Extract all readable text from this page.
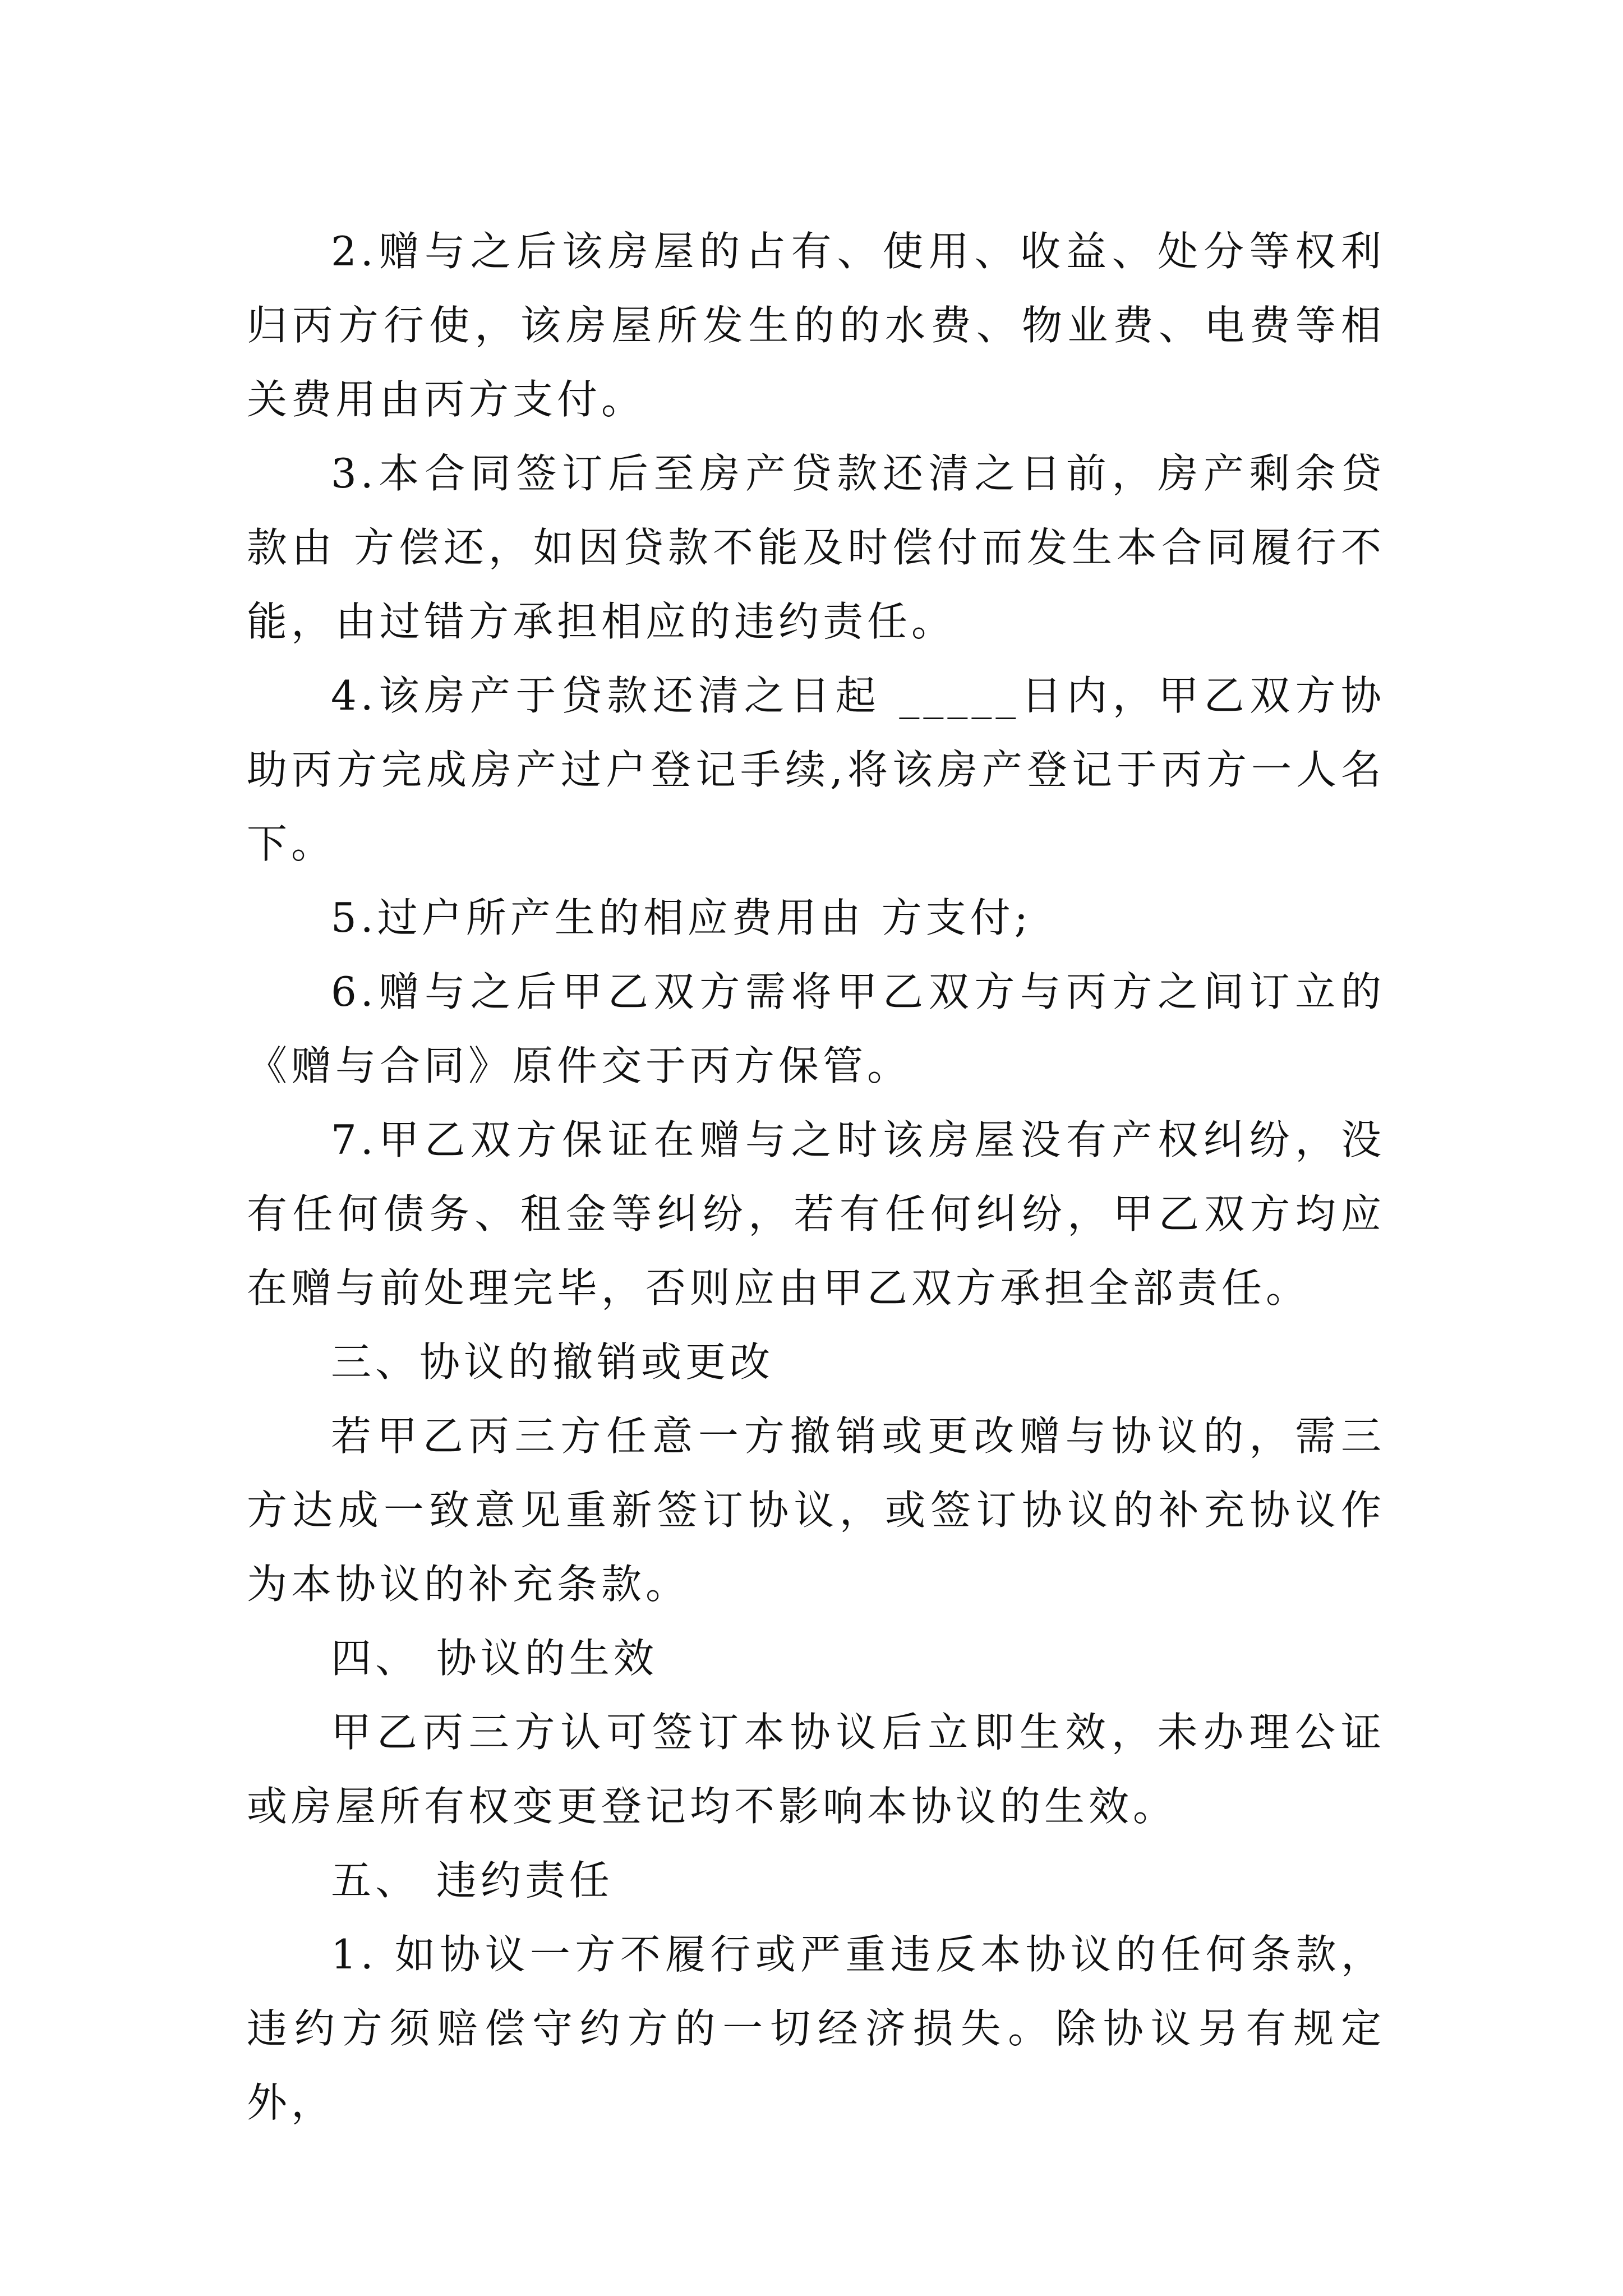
2.赠与之后该房屋的占有、使用、收益、处分等权利归丙方行使，该房屋所发生的的水费、物业费、电费等相关费用由丙方支付。

3.本合同签订后至房产贷款还清之日前，房产剩余贷款由 方偿还，如因贷款不能及时偿付而发生本合同履行不能，由过错方承担相应的违约责任。

4.该房产于贷款还清之日起 _____日内，甲乙双方协助丙方完成房产过户登记手续,将该房产登记于丙方一人名下。

5.过户所产生的相应费用由 方支付;

6.赠与之后甲乙双方需将甲乙双方与丙方之间订立的《赠与合同》原件交于丙方保管。

7.甲乙双方保证在赠与之时该房屋没有产权纠纷，没有任何债务、租金等纠纷，若有任何纠纷，甲乙双方均应在赠与前处理完毕，否则应由甲乙双方承担全部责任。

三、协议的撤销或更改

若甲乙丙三方任意一方撤销或更改赠与协议的，需三方达成一致意见重新签订协议，或签订协议的补充协议作为本协议的补充条款。

四、 协议的生效

甲乙丙三方认可签订本协议后立即生效，未办理公证或房屋所有权变更登记均不影响本协议的生效。

五、 违约责任

1. 如协议一方不履行或严重违反本协议的任何条款，违约方须赔偿守约方的一切经济损失。除协议另有规定外，
